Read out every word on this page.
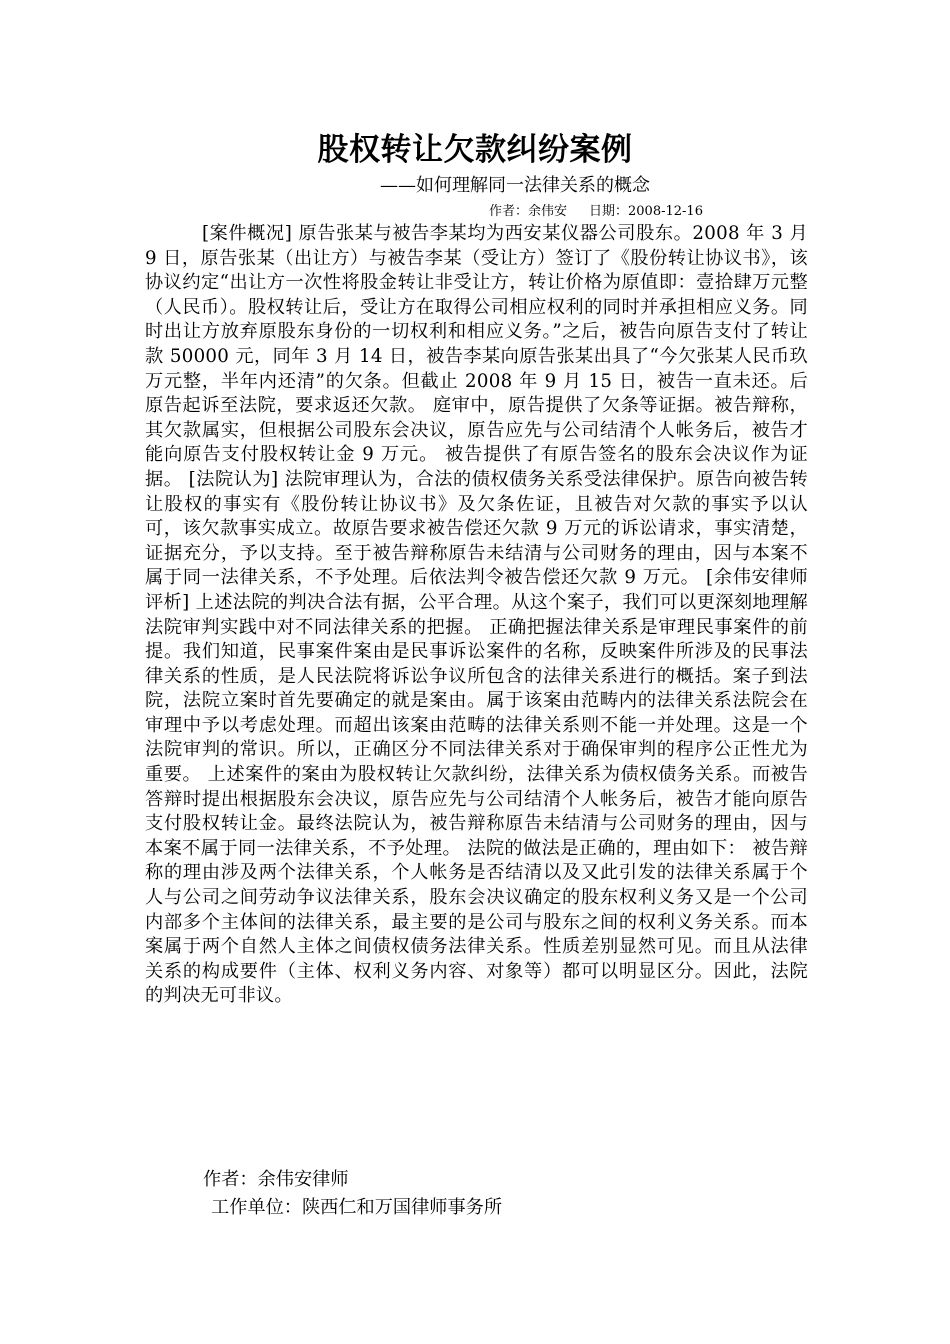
股权转让欠款纠纷案例
——如何理解同一法律关系的概念
作者：余伟安 日期：2008-12-16

[案件概况] 原告张某与被告李某均为西安某仪器公司股东。2008 年 3 月 9 日，原告张某（出让方）与被告李某（受让方）签订了《股份转让协议书》，该协议约定“出让方一次性将股金转让非受让方，转让价格为原值即：壹拾肆万元整（人民币）。股权转让后，受让方在取得公司相应权利的同时并承担相应义务。同时出让方放弃原股东身份的一切权利和相应义务。”之后，被告向原告支付了转让款 50000 元，同年 3 月 14 日，被告李某向原告张某出具了“今欠张某人民币玖万元整，半年内还清”的欠条。但截止 2008 年 9 月 15 日，被告一直未还。后原告起诉至法院，要求返还欠款。 庭审中，原告提供了欠条等证据。被告辩称，其欠款属实，但根据公司股东会决议，原告应先与公司结清个人帐务后，被告才能向原告支付股权转让金 9 万元。 被告提供了有原告签名的股东会决议作为证据。 [法院认为] 法院审理认为，合法的债权债务关系受法律保护。原告向被告转让股权的事实有《股份转让协议书》及欠条佐证，且被告对欠款的事实予以认可，该欠款事实成立。故原告要求被告偿还欠款 9 万元的诉讼请求，事实清楚，证据充分，予以支持。至于被告辩称原告未结清与公司财务的理由，因与本案不属于同一法律关系，不予处理。后依法判令被告偿还欠款 9 万元。 [余伟安律师评析] 上述法院的判决合法有据，公平合理。从这个案子，我们可以更深刻地理解法院审判实践中对不同法律关系的把握。 正确把握法律关系是审理民事案件的前提。我们知道，民事案件案由是民事诉讼案件的名称，反映案件所涉及的民事法律关系的性质，是人民法院将诉讼争议所包含的法律关系进行的概括。案子到法院，法院立案时首先要确定的就是案由。属于该案由范畴内的法律关系法院会在审理中予以考虑处理。而超出该案由范畴的法律关系则不能一并处理。这是一个法院审判的常识。所以，正确区分不同法律关系对于确保审判的程序公正性尤为重要。 上述案件的案由为股权转让欠款纠纷，法律关系为债权债务关系。而被告答辩时提出根据股东会决议，原告应先与公司结清个人帐务后，被告才能向原告支付股权转让金。最终法院认为，被告辩称原告未结清与公司财务的理由，因与本案不属于同一法律关系，不予处理。 法院的做法是正确的，理由如下： 被告辩称的理由涉及两个法律关系，个人帐务是否结清以及又此引发的法律关系属于个人与公司之间劳动争议法律关系，股东会决议确定的股东权利义务又是一个公司内部多个主体间的法律关系，最主要的是公司与股东之间的权利义务关系。而本案属于两个自然人主体之间债权债务法律关系。性质差别显然可见。而且从法律关系的构成要件（主体、权利义务内容、对象等）都可以明显区分。因此，法院的判决无可非议。

作者：余伟安律师
工作单位：陕西仁和万国律师事务所
